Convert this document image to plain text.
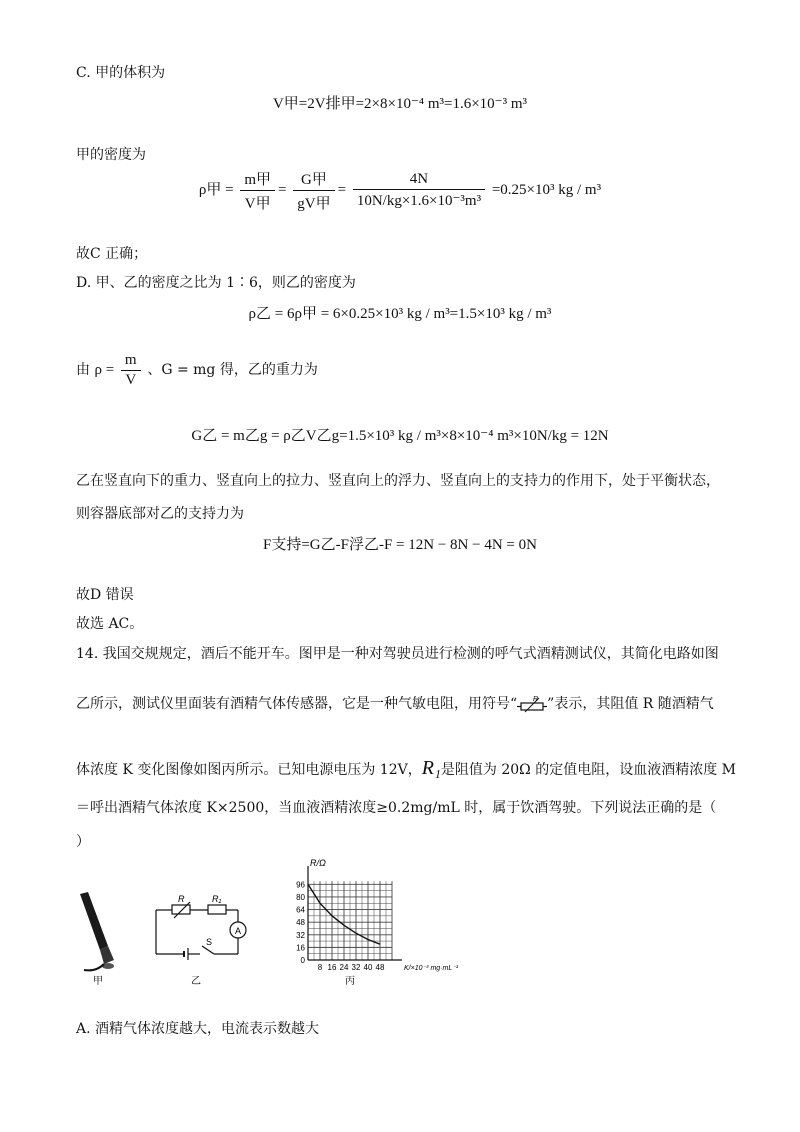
C. 甲的体积为
V甲=2V排甲=2×8×10⁻⁴ m³=1.6×10⁻³ m³
甲的密度为
ρ甲 = $\frac{\text{m甲}}{\text{V甲}} = \frac{\text{G甲}}{\text{gV甲}} = \frac{4N}{\text{10N/kg×1.6×10⁻³m³}} =0.25\times 10^3$ kg / m³
故C 正确；
D. 甲、乙的密度之比为 1∶6，则乙的密度为
ρ乙 = 6ρ甲 = 6×0.25×10³ kg / m³=1.5×10³ kg / m³
由 $\rho = \frac{m}{V}$ 、G = mg 得，乙的重力为
G乙 = m乙g = ρ乙V乙g=1.5×10³ kg / m³×8×10⁻⁴ m³×10N/kg = 12N
乙在竖直向下的重力、竖直向上的拉力、竖直向上的浮力、竖直向上的支持力的作用下，处于平衡状态，
则容器底部对乙的支持力为
F支持=G乙-F浮乙-F = 12N − 8N − 4N = 0N
故D 错误
故选 AC。
14. 我国交规规定，酒后不能开车。图甲是一种对驾驶员进行检测的呼气式酒精测试仪，其简化电路如图
乙所示，测试仪里面装有酒精气体传感器，它是一种气敏电阻，用符号“ R ”表示，其阻值 R 随酒精气
体浓度 K 变化图像如图丙所示。已知电源电压为 12V，R₁是阻值为 20Ω 的定值电阻，设血液酒精浓度 M
＝呼出酒精气体浓度 K×2500，当血液酒精浓度≥0.2mg/mL 时，属于饮酒驾驶。下列说法正确的是（
）
甲
R	R₁
A
S
乙
96
80
64
48
32
16
0
8 16 24 32 40 48
R/Ω
K/×10⁻³ mg·mL⁻¹
丙
A. 酒精气体浓度越大，电流表示数越大
